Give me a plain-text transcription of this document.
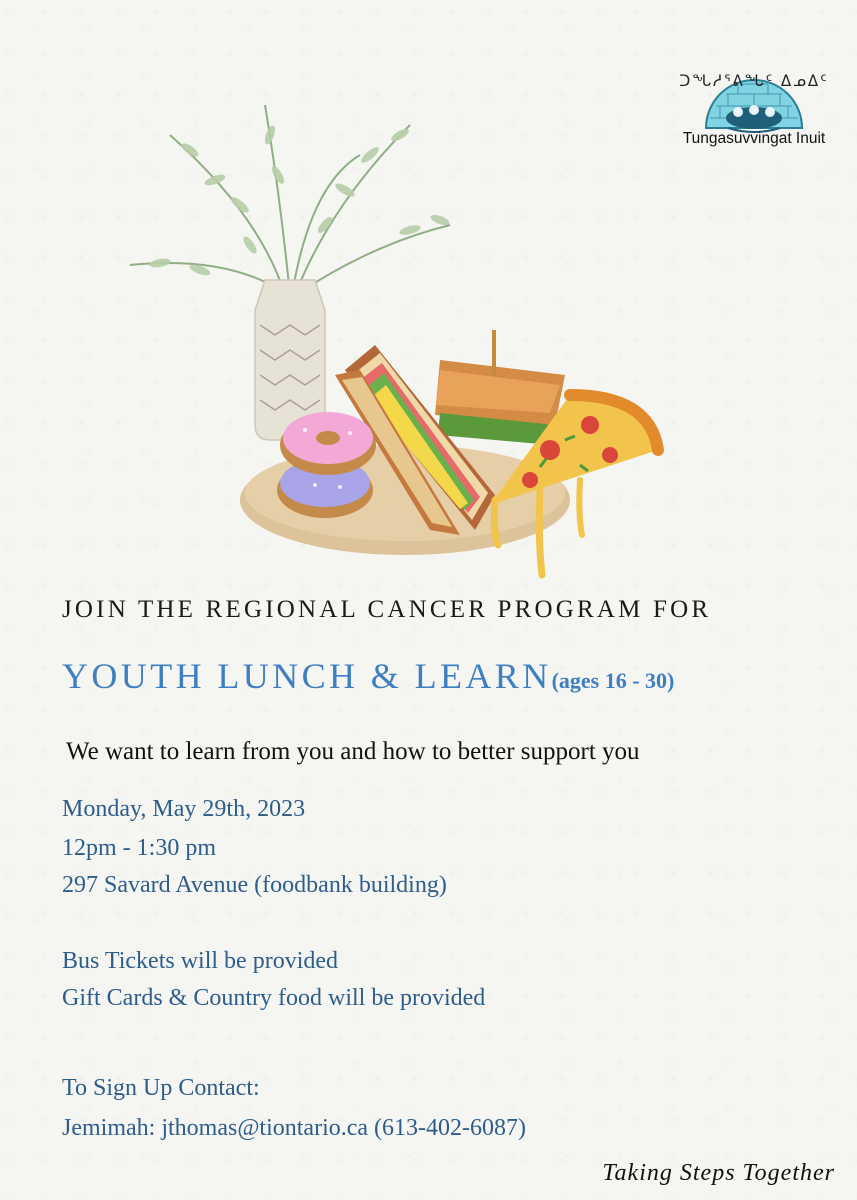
ᑐᖓᓱᕐᕕᖓᑦ ᐃᓄᐃᑦ
Tungasuvvingat Inuit
JOIN THE REGIONAL CANCER PROGRAM FOR
YOUTH LUNCH & LEARN(ages 16 - 30)
We want to learn from you and how to better support you
Monday, May 29th, 2023
12pm - 1:30 pm
297 Savard Avenue (foodbank building)
Bus Tickets will be provided
Gift Cards & Country food will be provided
To Sign Up Contact:
Jemimah: jthomas@tiontario.ca (613-402-6087)
Taking Steps Together
